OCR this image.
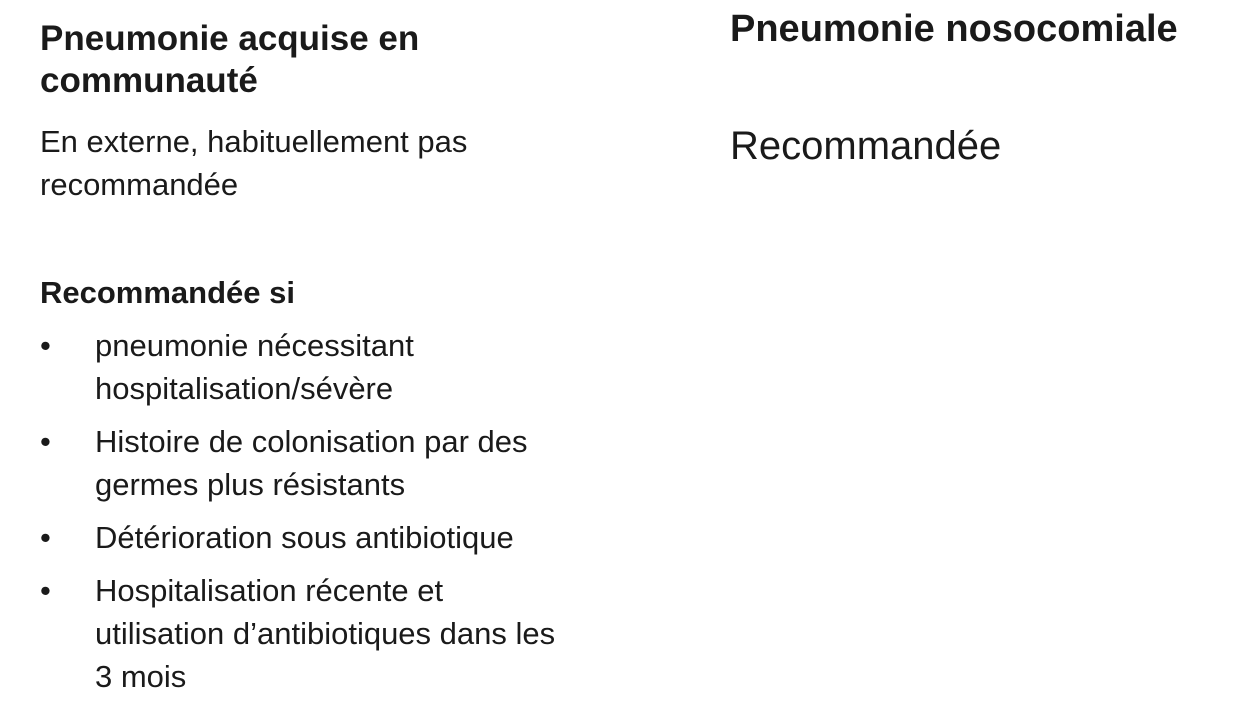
Pneumonie acquise en
communauté
En externe, habituellement pas
recommandée
Recommandée si
•	pneumonie nécessitant
hospitalisation/sévère
•	Histoire de colonisation par des
germes plus résistants
•	Détérioration sous antibiotique
•	Hospitalisation récente et
utilisation d’antibiotiques dans les
3 mois
Pneumonie nosocomiale
Recommandée
